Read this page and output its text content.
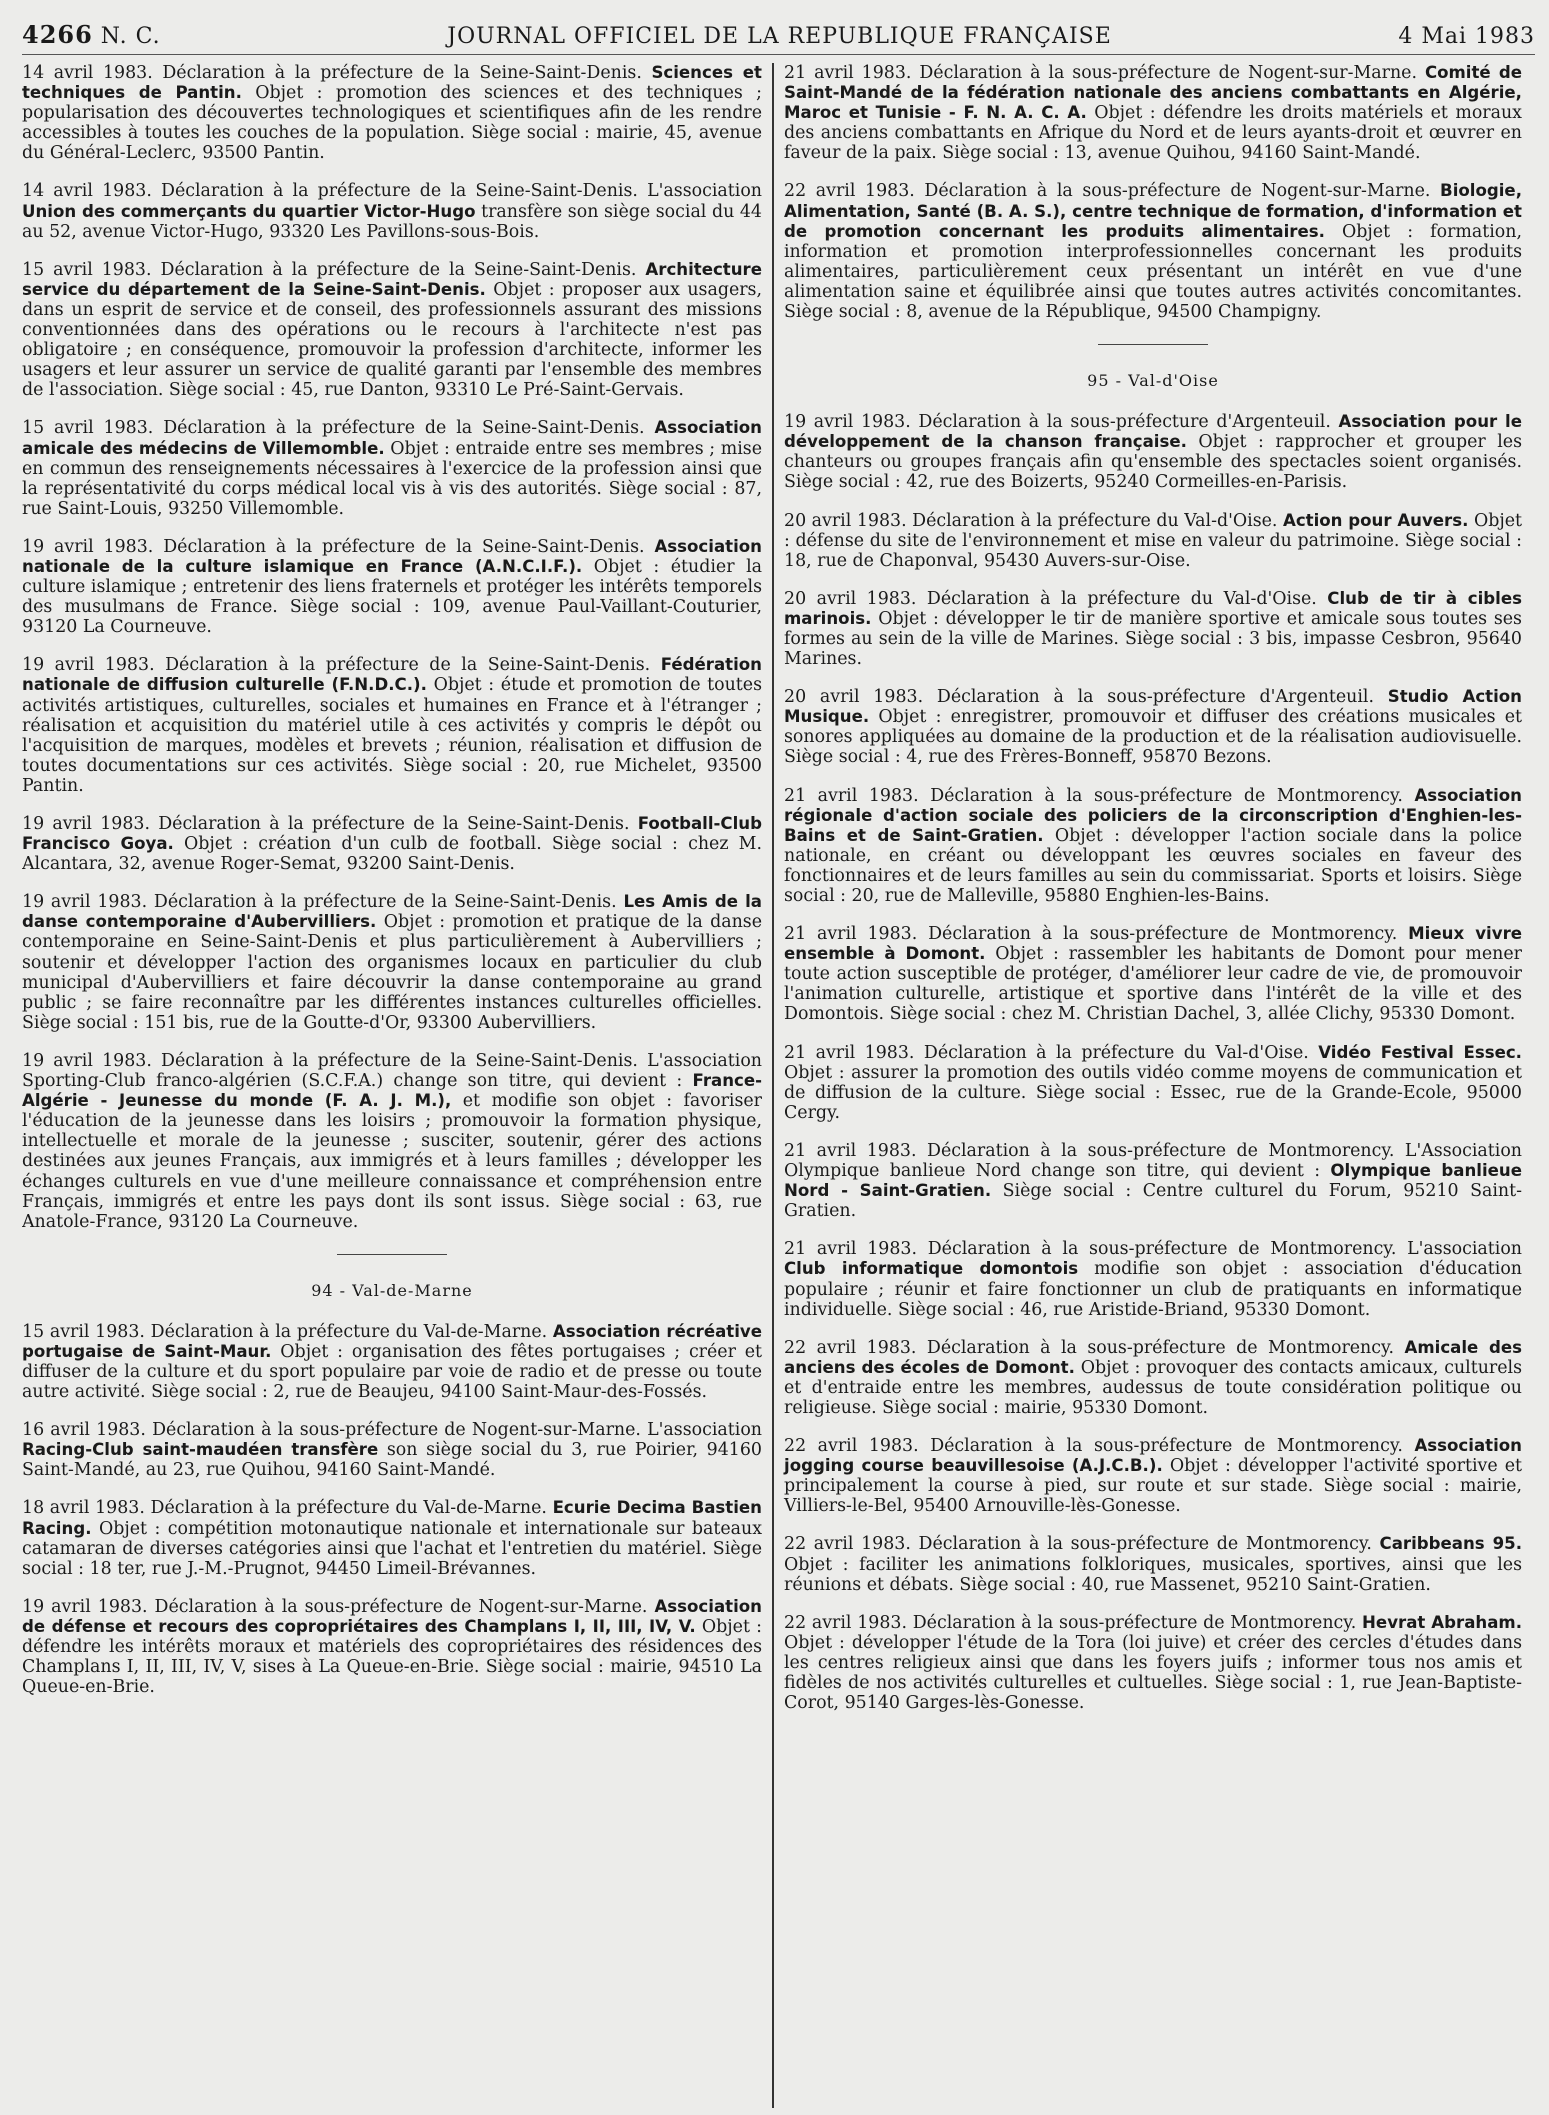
4266 N. C.	JOURNAL OFFICIEL DE LA REPUBLIQUE FRANÇAISE	4 Mai 1983

14 avril 1983. Déclaration à la préfecture de la Seine-Saint-Denis. Sciences et techniques de Pantin. Objet : promotion des sciences et des techniques ; popularisation des découvertes technologiques et scientifiques afin de les rendre accessibles à toutes les couches de la population. Siège social : mairie, 45, avenue du Général-Leclerc, 93500 Pantin.

14 avril 1983. Déclaration à la préfecture de la Seine-Saint-Denis. L'association Union des commerçants du quartier Victor-Hugo transfère son siège social du 44 au 52, avenue Victor-Hugo, 93320 Les Pavillons-sous-Bois.

15 avril 1983. Déclaration à la préfecture de la Seine-Saint-Denis. Architecture service du département de la Seine-Saint-Denis. Objet : proposer aux usagers, dans un esprit de service et de conseil, des professionnels assurant des missions conventionnées dans des opérations ou le recours à l'architecte n'est pas obligatoire ; en conséquence, promouvoir la profession d'architecte, informer les usagers et leur assurer un service de qualité garanti par l'ensemble des membres de l'association. Siège social : 45, rue Danton, 93310 Le Pré-Saint-Gervais.

15 avril 1983. Déclaration à la préfecture de la Seine-Saint-Denis. Association amicale des médecins de Villemomble. Objet : entraide entre ses membres ; mise en commun des renseignements nécessaires à l'exercice de la profession ainsi que la représentativité du corps médical local vis à vis des autorités. Siège social : 87, rue Saint-Louis, 93250 Villemomble.

19 avril 1983. Déclaration à la préfecture de la Seine-Saint-Denis. Association nationale de la culture islamique en France (A.N.C.I.F.). Objet : étudier la culture islamique ; entretenir des liens fraternels et protéger les intérêts temporels des musulmans de France. Siège social : 109, avenue Paul-Vaillant-Couturier, 93120 La Courneuve.

19 avril 1983. Déclaration à la préfecture de la Seine-Saint-Denis. Fédération nationale de diffusion culturelle (F.N.D.C.). Objet : étude et promotion de toutes activités artistiques, culturelles, sociales et humaines en France et à l'étranger ; réalisation et acquisition du matériel utile à ces activités y compris le dépôt ou l'acquisition de marques, modèles et brevets ; réunion, réalisation et diffusion de toutes documentations sur ces activités. Siège social : 20, rue Michelet, 93500 Pantin.

19 avril 1983. Déclaration à la préfecture de la Seine-Saint-Denis. Football-Club Francisco Goya. Objet : création d'un culb de football. Siège social : chez M. Alcantara, 32, avenue Roger-Semat, 93200 Saint-Denis.

19 avril 1983. Déclaration à la préfecture de la Seine-Saint-Denis. Les Amis de la danse contemporaine d'Aubervilliers. Objet : promotion et pratique de la danse contemporaine en Seine-Saint-Denis et plus particulièrement à Aubervilliers ; soutenir et développer l'action des organismes locaux en particulier du club municipal d'Aubervilliers et faire découvrir la danse contemporaine au grand public ; se faire reconnaître par les différentes instances culturelles officielles. Siège social : 151 bis, rue de la Goutte-d'Or, 93300 Aubervilliers.

19 avril 1983. Déclaration à la préfecture de la Seine-Saint-Denis. L'association Sporting-Club franco-algérien (S.C.F.A.) change son titre, qui devient : France-Algérie - Jeunesse du monde (F. A. J. M.), et modifie son objet : favoriser l'éducation de la jeunesse dans les loisirs ; promouvoir la formation physique, intellectuelle et morale de la jeunesse ; susciter, soutenir, gérer des actions destinées aux jeunes Français, aux immigrés et à leurs familles ; développer les échanges culturels en vue d'une meilleure connaissance et compréhension entre Français, immigrés et entre les pays dont ils sont issus. Siège social : 63, rue Anatole-France, 93120 La Courneuve.

94 - Val-de-Marne

15 avril 1983. Déclaration à la préfecture du Val-de-Marne. Association récréative portugaise de Saint-Maur. Objet : organisation des fêtes portugaises ; créer et diffuser de la culture et du sport populaire par voie de radio et de presse ou toute autre activité. Siège social : 2, rue de Beaujeu, 94100 Saint-Maur-des-Fossés.

16 avril 1983. Déclaration à la sous-préfecture de Nogent-sur-Marne. L'association Racing-Club saint-maudéen transfère son siège social du 3, rue Poirier, 94160 Saint-Mandé, au 23, rue Quihou, 94160 Saint-Mandé.

18 avril 1983. Déclaration à la préfecture du Val-de-Marne. Ecurie Decima Bastien Racing. Objet : compétition motonautique nationale et internationale sur bateaux catamaran de diverses catégories ainsi que l'achat et l'entretien du matériel. Siège social : 18 ter, rue J.-M.-Prugnot, 94450 Limeil-Brévannes.

19 avril 1983. Déclaration à la sous-préfecture de Nogent-sur-Marne. Association de défense et recours des copropriétaires des Champlans I, II, III, IV, V. Objet : défendre les intérêts moraux et matériels des copropriétaires des résidences des Champlans I, II, III, IV, V, sises à La Queue-en-Brie. Siège social : mairie, 94510 La Queue-en-Brie.

21 avril 1983. Déclaration à la sous-préfecture de Nogent-sur-Marne. Comité de Saint-Mandé de la fédération nationale des anciens combattants en Algérie, Maroc et Tunisie - F. N. A. C. A. Objet : défendre les droits matériels et moraux des anciens combattants en Afrique du Nord et de leurs ayants-droit et œuvrer en faveur de la paix. Siège social : 13, avenue Quihou, 94160 Saint-Mandé.

22 avril 1983. Déclaration à la sous-préfecture de Nogent-sur-Marne. Biologie, Alimentation, Santé (B. A. S.), centre technique de formation, d'information et de promotion concernant les produits alimentaires. Objet : formation, information et promotion interprofessionnelles concernant les produits alimentaires, particulièrement ceux présentant un intérêt en vue d'une alimentation saine et équilibrée ainsi que toutes autres activités concomitantes. Siège social : 8, avenue de la République, 94500 Champigny.

95 - Val-d'Oise

19 avril 1983. Déclaration à la sous-préfecture d'Argenteuil. Association pour le développement de la chanson française. Objet : rapprocher et grouper les chanteurs ou groupes français afin qu'ensemble des spectacles soient organisés. Siège social : 42, rue des Boizerts, 95240 Cormeilles-en-Parisis.

20 avril 1983. Déclaration à la préfecture du Val-d'Oise. Action pour Auvers. Objet : défense du site de l'environnement et mise en valeur du patrimoine. Siège social : 18, rue de Chaponval, 95430 Auvers-sur-Oise.

20 avril 1983. Déclaration à la préfecture du Val-d'Oise. Club de tir à cibles marinois. Objet : développer le tir de manière sportive et amicale sous toutes ses formes au sein de la ville de Marines. Siège social : 3 bis, impasse Cesbron, 95640 Marines.

20 avril 1983. Déclaration à la sous-préfecture d'Argenteuil. Studio Action Musique. Objet : enregistrer, promouvoir et diffuser des créations musicales et sonores appliquées au domaine de la production et de la réalisation audiovisuelle. Siège social : 4, rue des Frères-Bonneff, 95870 Bezons.

21 avril 1983. Déclaration à la sous-préfecture de Montmorency. Association régionale d'action sociale des policiers de la circonscription d'Enghien-les-Bains et de Saint-Gratien. Objet : développer l'action sociale dans la police nationale, en créant ou développant les œuvres sociales en faveur des fonctionnaires et de leurs familles au sein du commissariat. Sports et loisirs. Siège social : 20, rue de Malleville, 95880 Enghien-les-Bains.

21 avril 1983. Déclaration à la sous-préfecture de Montmorency. Mieux vivre ensemble à Domont. Objet : rassembler les habitants de Domont pour mener toute action susceptible de protéger, d'améliorer leur cadre de vie, de promouvoir l'animation culturelle, artistique et sportive dans l'intérêt de la ville et des Domontois. Siège social : chez M. Christian Dachel, 3, allée Clichy, 95330 Domont.

21 avril 1983. Déclaration à la préfecture du Val-d'Oise. Vidéo Festival Essec. Objet : assurer la promotion des outils vidéo comme moyens de communication et de diffusion de la culture. Siège social : Essec, rue de la Grande-Ecole, 95000 Cergy.

21 avril 1983. Déclaration à la sous-préfecture de Montmorency. L'Association Olympique banlieue Nord change son titre, qui devient : Olympique banlieue Nord - Saint-Gratien. Siège social : Centre culturel du Forum, 95210 Saint-Gratien.

21 avril 1983. Déclaration à la sous-préfecture de Montmorency. L'association Club informatique domontois modifie son objet : association d'éducation populaire ; réunir et faire fonctionner un club de pratiquants en informatique individuelle. Siège social : 46, rue Aristide-Briand, 95330 Domont.

22 avril 1983. Déclaration à la sous-préfecture de Montmorency. Amicale des anciens des écoles de Domont. Objet : provoquer des contacts amicaux, culturels et d'entraide entre les membres, audessus de toute considération politique ou religieuse. Siège social : mairie, 95330 Domont.

22 avril 1983. Déclaration à la sous-préfecture de Montmorency. Association jogging course beauvillesoise (A.J.C.B.). Objet : développer l'activité sportive et principalement la course à pied, sur route et sur stade. Siège social : mairie, Villiers-le-Bel, 95400 Arnouville-lès-Gonesse.

22 avril 1983. Déclaration à la sous-préfecture de Montmorency. Caribbeans 95. Objet : faciliter les animations folkloriques, musicales, sportives, ainsi que les réunions et débats. Siège social : 40, rue Massenet, 95210 Saint-Gratien.

22 avril 1983. Déclaration à la sous-préfecture de Montmorency. Hevrat Abraham. Objet : développer l'étude de la Tora (loi juive) et créer des cercles d'études dans les centres religieux ainsi que dans les foyers juifs ; informer tous nos amis et fidèles de nos activités culturelles et cultuelles. Siège social : 1, rue Jean-Baptiste-Corot, 95140 Garges-lès-Gonesse.
